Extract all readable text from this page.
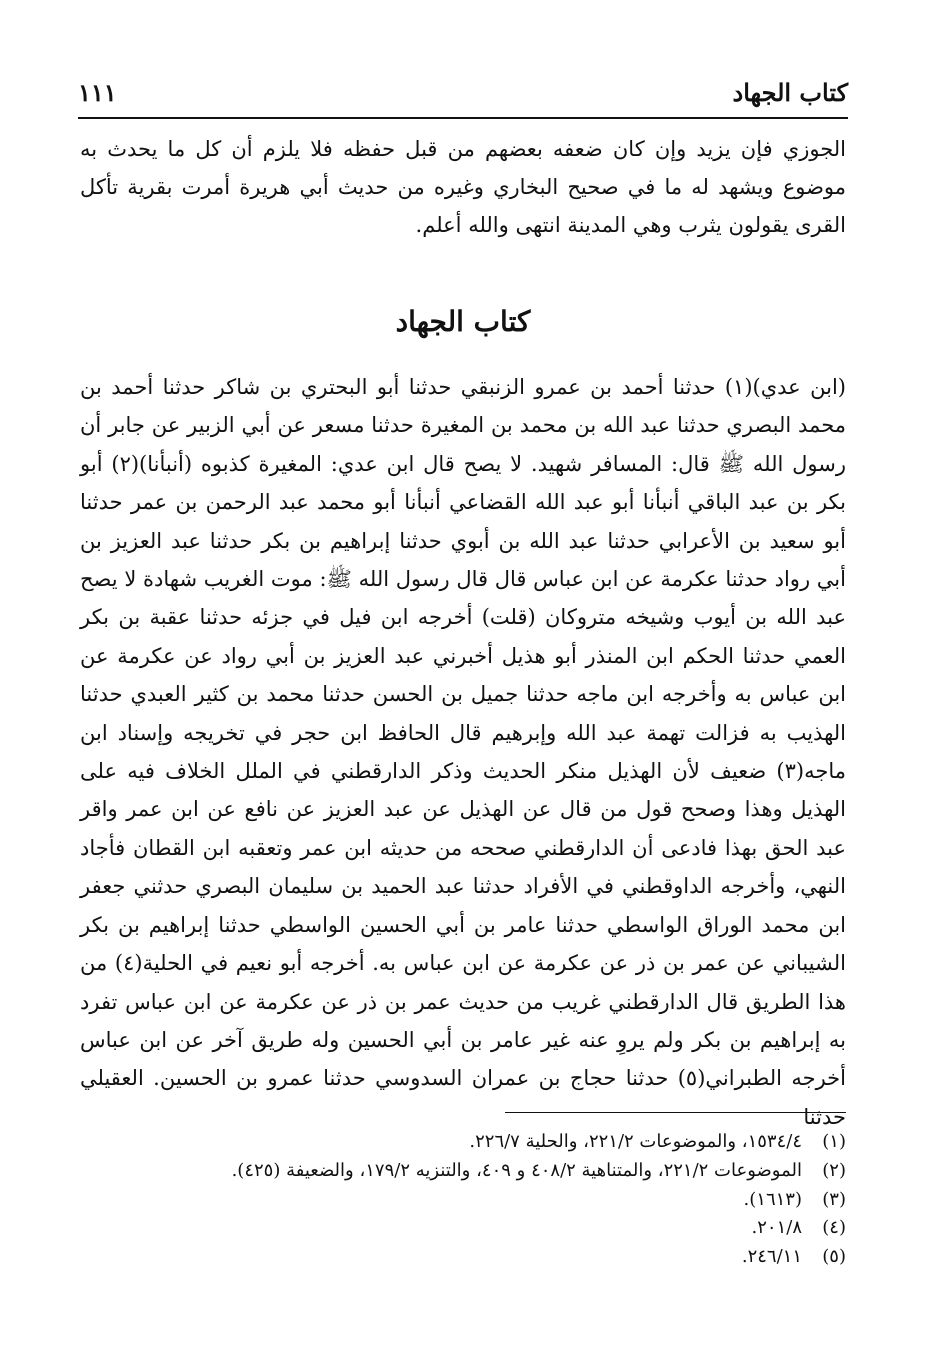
كتاب الجهاد
١١١
الجوزي فإن يزيد وإن كان ضعفه بعضهم من قبل حفظه فلا يلزم أن كل ما يحدث به موضوع ويشهد له ما في صحيح البخاري وغيره من حديث أبي هريرة أمرت بقرية تأكل القرى يقولون يثرب وهي المدينة انتهى والله أعلم.
كتاب الجهاد

(ابن عدي)(١) حدثنا أحمد بن عمرو الزنبقي حدثنا أبو البحتري بن شاكر حدثنا أحمد بن محمد البصري حدثنا عبد الله بن محمد بن المغيرة حدثنا مسعر عن أبي الزبير عن جابر أن رسول الله ﷺ قال: المسافر شهيد. لا يصح قال ابن عدي: المغيرة كذبوه (أنبأنا)(٢) أبو بكر بن عبد الباقي أنبأنا أبو عبد الله القضاعي أنبأنا أبو محمد عبد الرحمن بن عمر حدثنا أبو سعيد بن الأعرابي حدثنا عبد الله بن أبوي حدثنا إبراهيم بن بكر حدثنا عبد العزيز بن أبي رواد حدثنا عكرمة عن ابن عباس قال قال رسول الله ﷺ: موت الغريب شهادة لا يصح عبد الله بن أيوب وشيخه متروكان (قلت) أخرجه ابن فيل في جزئه حدثنا عقبة بن بكر العمي حدثنا الحكم ابن المنذر أبو هذيل أخبرني عبد العزيز بن أبي رواد عن عكرمة عن ابن عباس به وأخرجه ابن ماجه حدثنا جميل بن الحسن حدثنا محمد بن كثير العبدي حدثنا الهذيب به فزالت تهمة عبد الله وإبرهيم قال الحافظ ابن حجر في تخريجه وإسناد ابن ماجه(٣) ضعيف لأن الهذيل منكر الحديث وذكر الدارقطني في الملل الخلاف فيه على الهذيل وهذا وصحح قول من قال عن الهذيل عن عبد العزيز عن نافع عن ابن عمر واقر عبد الحق بهذا فادعى أن الدارقطني صححه من حديثه ابن عمر وتعقبه ابن القطان فأجاد النهي، وأخرجه الداوقطني في الأفراد حدثنا عبد الحميد بن سليمان البصري حدثني جعفر ابن محمد الوراق الواسطي حدثنا عامر بن أبي الحسين الواسطي حدثنا إبراهيم بن بكر الشيباني عن عمر بن ذر عن عكرمة عن ابن عباس به. أخرجه أبو نعيم في الحلية(٤) من هذا الطريق قال الدارقطني غريب من حديث عمر بن ذر عن عكرمة عن ابن عباس تفرد به إبراهيم بن بكر ولم يروِ عنه غير عامر بن أبي الحسين وله طريق آخر عن ابن عباس أخرجه الطبراني(٥) حدثنا حجاج بن عمران السدوسي حدثنا عمرو بن الحسين. العقيلي حدثنا

(١)
١٥٣٤/٤، والموضوعات ٢٢١/٢، والحلية ٢٢٦/٧.
(٢)
الموضوعات ٢٢١/٢، والمتناهية ٤٠٨/٢ و ٤٠٩، والتنزيه ١٧٩/٢، والضعيفة (٤٢٥).
(٣)
(١٦١٣).
(٤)
٢٠١/٨.
(٥)
٢٤٦/١١.
